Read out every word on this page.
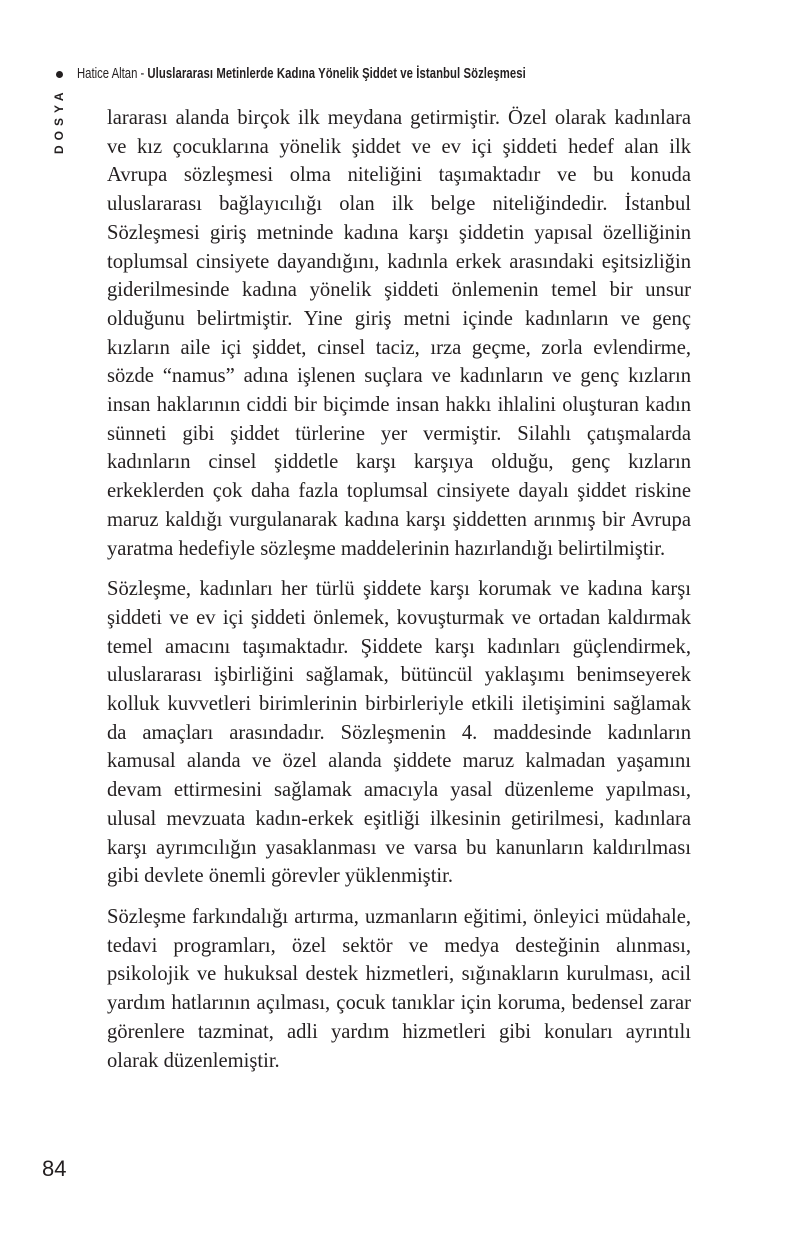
Hatice Altan - Uluslararası Metinlerde Kadına Yönelik Şiddet ve İstanbul Sözleşmesi
DOSYA lararası alanda birçok ilk meydana getirmiştir. Özel olarak kadınlara ve kız çocuklarına yönelik şiddet ve ev içi şiddeti hedef alan ilk Avrupa sözleşmesi olma niteliğini taşımaktadır ve bu konuda uluslararası bağlayıcılığı olan ilk belge niteliğindedir. İstanbul Sözleşmesi giriş metninde kadına karşı şiddetin yapısal özelliğinin toplumsal cinsiyete dayandığını, kadınla erkek arasındaki eşitsizliğin giderilmesinde kadına yönelik şiddeti önlemenin temel bir unsur olduğunu belirtmiştir. Yine giriş metni içinde kadınların ve genç kızların aile içi şiddet, cinsel taciz, ırza geçme, zorla evlendirme, sözde “namus” adına işlenen suçlara ve kadınların ve genç kızların insan haklarının ciddi bir biçimde insan hakkı ihlalini oluşturan kadın sünneti gibi şiddet türlerine yer vermiştir. Silahlı çatışmalarda kadınların cinsel şiddetle karşı karşıya olduğu, genç kızların erkeklerden çok daha fazla toplumsal cinsiyete dayalı şiddet riskine maruz kaldığı vurgulanarak kadına karşı şiddetten arınmış bir Avrupa yaratma hedefiyle sözleşme maddelerinin hazırlandığı belirtilmiştir.

Sözleşme, kadınları her türlü şiddete karşı korumak ve kadına karşı şiddeti ve ev içi şiddeti önlemek, kovuşturmak ve ortadan kaldırmak temel amacını taşımaktadır. Şiddete karşı kadınları güçlendirmek, uluslararası işbirliğini sağlamak, bütüncül yaklaşımı benimseyerek kolluk kuvvetleri birimlerinin birbirleriyle etkili iletişimini sağlamak da amaçları arasındadır. Sözleşmenin 4. maddesinde kadınların kamusal alanda ve özel alanda şiddete maruz kalmadan yaşamını devam ettirmesini sağlamak amacıyla yasal düzenleme yapılması, ulusal mevzuata kadın-erkek eşitliği ilkesinin getirilmesi, kadınlara karşı ayrımcılığın yasaklanması ve varsa bu kanunların kaldırılması gibi devlete önemli görevler yüklenmiştir.

Sözleşme farkındalığı artırma, uzmanların eğitimi, önleyici müdahale, tedavi programları, özel sektör ve medya desteğinin alınması, psikolojik ve hukuksal destek hizmetleri, sığınakların kurulması, acil yardım hatlarının açılması, çocuk tanıklar için koruma, bedensel zarar görenlere tazminat, adli yardım hizmetleri gibi konuları ayrıntılı olarak düzenlemiştir.

84
